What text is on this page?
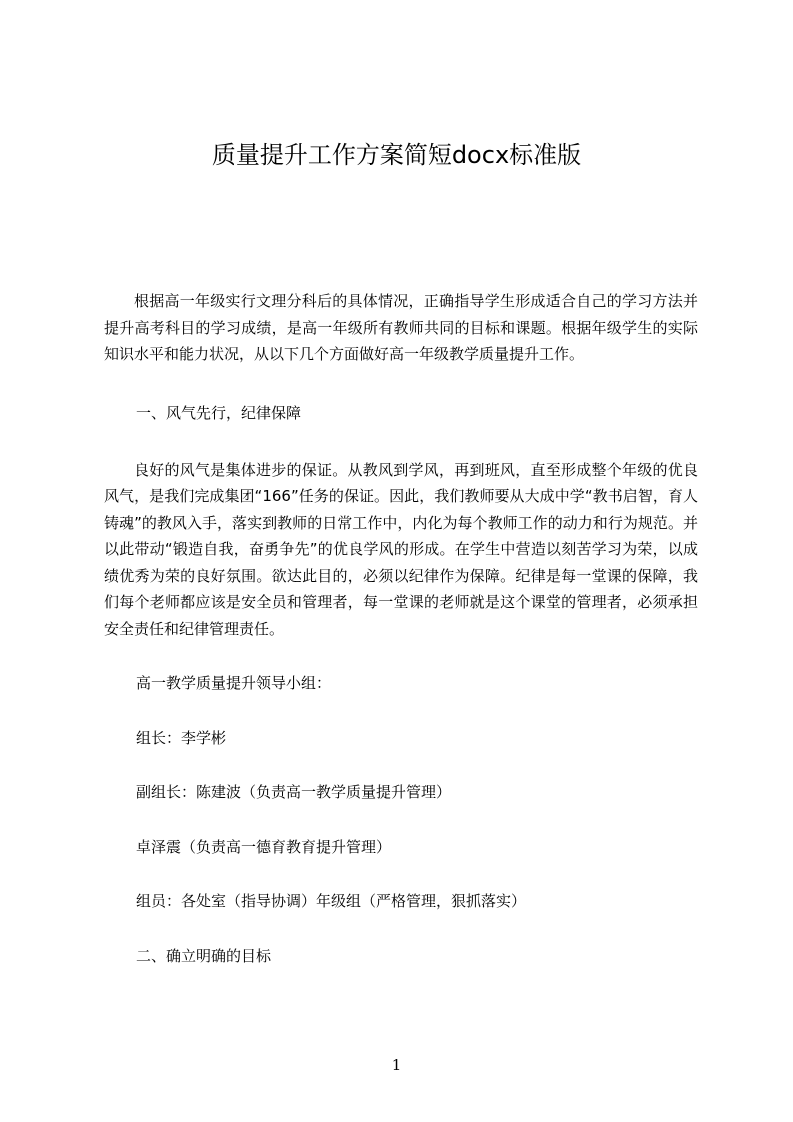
质量提升工作方案简短docx标准版

根据高一年级实行文理分科后的具体情况，正确指导学生形成适合自己的学习方法并提升高考科目的学习成绩，是高一年级所有教师共同的目标和课题。根据年级学生的实际知识水平和能力状况，从以下几个方面做好高一年级教学质量提升工作。

一、风气先行，纪律保障

良好的风气是集体进步的保证。从教风到学风，再到班风，直至形成整个年级的优良风气，是我们完成集团“166”任务的保证。因此，我们教师要从大成中学“教书启智，育人铸魂”的教风入手，落实到教师的日常工作中，内化为每个教师工作的动力和行为规范。并以此带动“锻造自我，奋勇争先”的优良学风的形成。在学生中营造以刻苦学习为荣，以成绩优秀为荣的良好氛围。欲达此目的，必须以纪律作为保障。纪律是每一堂课的保障，我们每个老师都应该是安全员和管理者，每一堂课的老师就是这个课堂的管理者，必须承担安全责任和纪律管理责任。

高一教学质量提升领导小组：

组长：李学彬

副组长：陈建波（负责高一教学质量提升管理）

卓泽震（负责高一德育教育提升管理）

组员：各处室（指导协调）年级组（严格管理，狠抓落实）

二、确立明确的目标

1
